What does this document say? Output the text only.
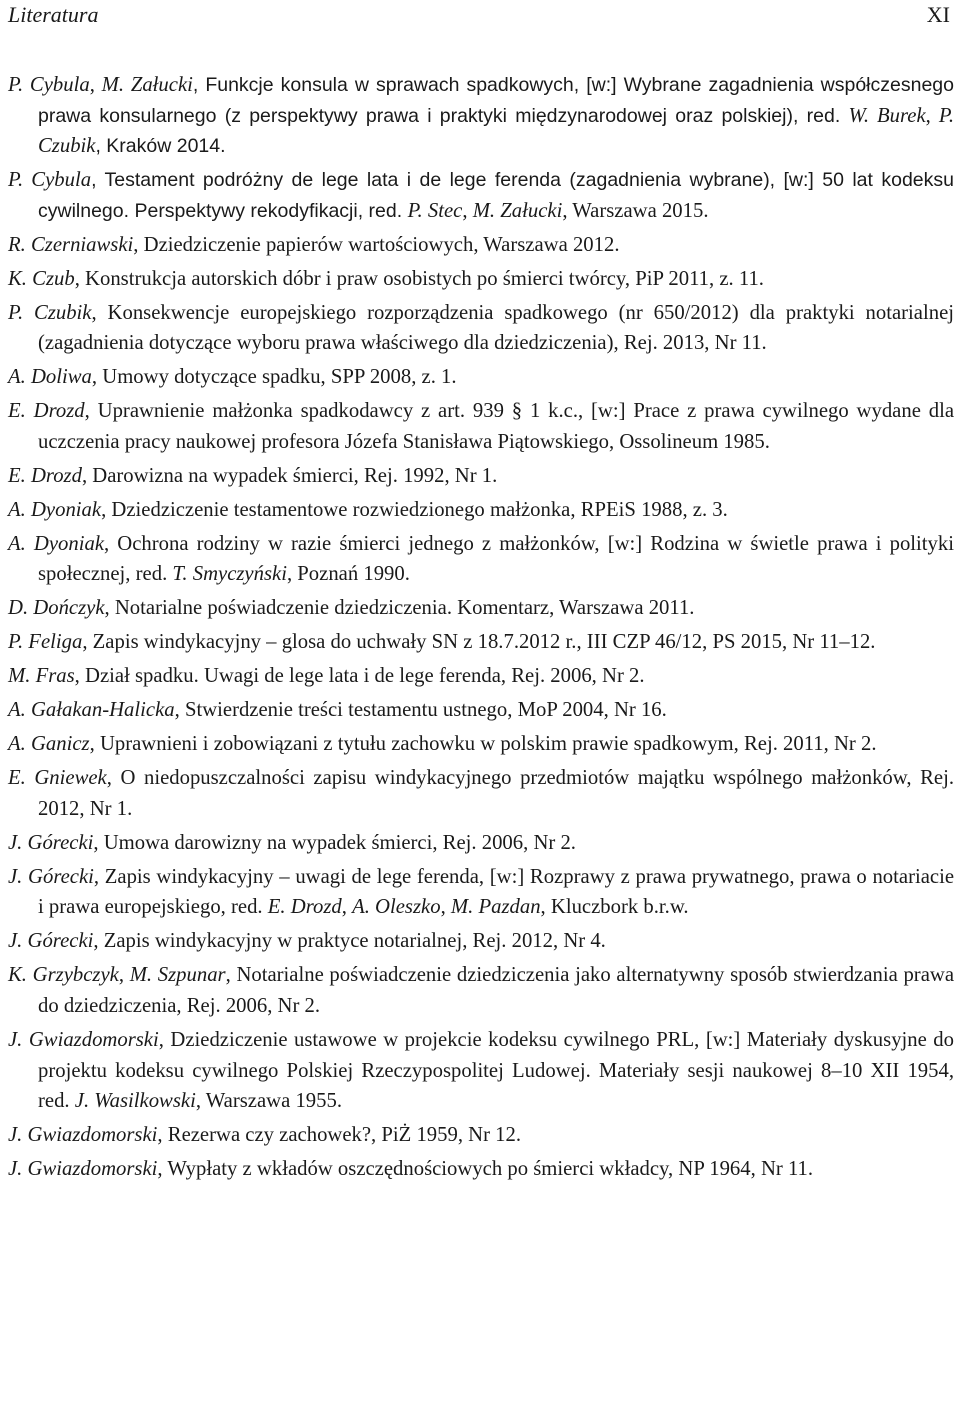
Literatura	XI

P. Cybula, M. Załucki, Funkcje konsula w sprawach spadkowych, [w:] Wybrane zagadnienia współczesnego prawa konsularnego (z perspektywy prawa i praktyki międzynarodowej oraz polskiej), red. W. Burek, P. Czubik, Kraków 2014.

P. Cybula, Testament podróżny de lege lata i de lege ferenda (zagadnienia wybrane), [w:] 50 lat kodeksu cywilnego. Perspektywy rekodyfikacji, red. P. Stec, M. Załucki, Warszawa 2015.

R. Czerniawski, Dziedziczenie papierów wartościowych, Warszawa 2012.

K. Czub, Konstrukcja autorskich dóbr i praw osobistych po śmierci twórcy, PiP 2011, z. 11.

P. Czubik, Konsekwencje europejskiego rozporządzenia spadkowego (nr 650/2012) dla praktyki notarialnej (zagadnienia dotyczące wyboru prawa właściwego dla dziedziczenia), Rej. 2013, Nr 11.

A. Doliwa, Umowy dotyczące spadku, SPP 2008, z. 1.

E. Drozd, Uprawnienie małżonka spadkodawcy z art. 939 § 1 k.c., [w:] Prace z prawa cywilnego wydane dla uczczenia pracy naukowej profesora Józefa Stanisława Piątowskiego, Ossolineum 1985.

E. Drozd, Darowizna na wypadek śmierci, Rej. 1992, Nr 1.

A. Dyoniak, Dziedziczenie testamentowe rozwiedzionego małżonka, RPEiS 1988, z. 3.

A. Dyoniak, Ochrona rodziny w razie śmierci jednego z małżonków, [w:] Rodzina w świetle prawa i polityki społecznej, red. T. Smyczyński, Poznań 1990.

D. Dończyk, Notarialne poświadczenie dziedziczenia. Komentarz, Warszawa 2011.

P. Feliga, Zapis windykacyjny – glosa do uchwały SN z 18.7.2012 r., III CZP 46/12, PS 2015, Nr 11–12.

M. Fras, Dział spadku. Uwagi de lege lata i de lege ferenda, Rej. 2006, Nr 2.

A. Gałakan-Halicka, Stwierdzenie treści testamentu ustnego, MoP 2004, Nr 16.

A. Ganicz, Uprawnieni i zobowiązani z tytułu zachowku w polskim prawie spadkowym, Rej. 2011, Nr 2.

E. Gniewek, O niedopuszczalności zapisu windykacyjnego przedmiotów majątku wspólnego małżonków, Rej. 2012, Nr 1.

J. Górecki, Umowa darowizny na wypadek śmierci, Rej. 2006, Nr 2.

J. Górecki, Zapis windykacyjny – uwagi de lege ferenda, [w:] Rozprawy z prawa prywatnego, prawa o notariacie i prawa europejskiego, red. E. Drozd, A. Oleszko, M. Pazdan, Kluczbork b.r.w.

J. Górecki, Zapis windykacyjny w praktyce notarialnej, Rej. 2012, Nr 4.

K. Grzybczyk, M. Szpunar, Notarialne poświadczenie dziedziczenia jako alternatywny sposób stwierdzania prawa do dziedziczenia, Rej. 2006, Nr 2.

J. Gwiazdomorski, Dziedziczenie ustawowe w projekcie kodeksu cywilnego PRL, [w:] Materiały dyskusyjne do projektu kodeksu cywilnego Polskiej Rzeczypospolitej Ludowej. Materiały sesji naukowej 8–10 XII 1954, red. J. Wasilkowski, Warszawa 1955.

J. Gwiazdomorski, Rezerwa czy zachowek?, PiŻ 1959, Nr 12.

J. Gwiazdomorski, Wypłaty z wkładów oszczędnościowych po śmierci wkładcy, NP 1964, Nr 11.
